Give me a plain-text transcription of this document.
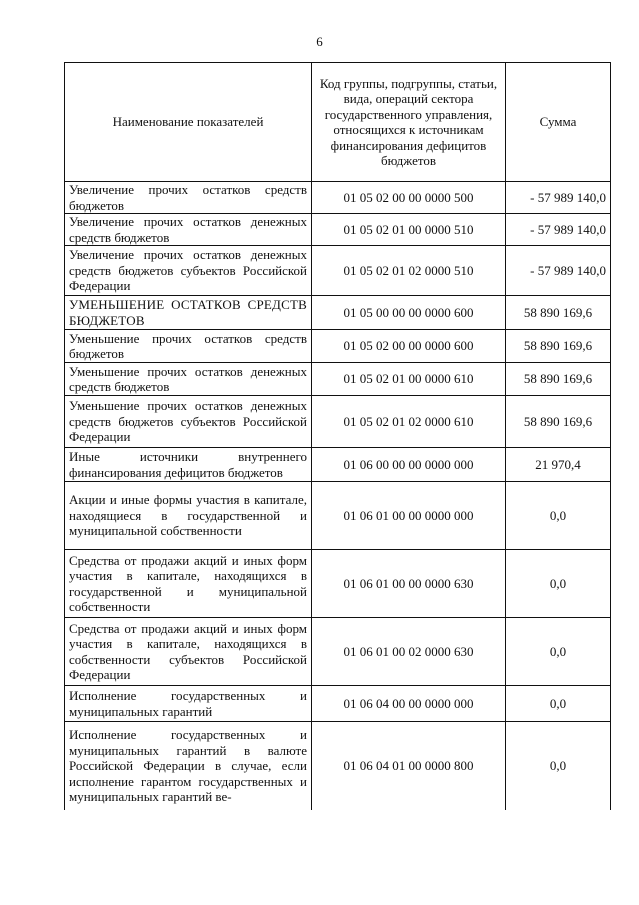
6
Наименование показателей	Код группы, подгруппы, статьи, вида, операций сектора государственного управления, относящихся к источникам финансирования дефицитов бюджетов	Сумма
Увеличение прочих остатков средств бюджетов	01 05 02 00 00 0000 500	- 57 989 140,0
Увеличение прочих остатков денежных средств бюджетов	01 05 02 01 00 0000 510	- 57 989 140,0
Увеличение прочих остатков денежных средств бюджетов субъектов Российской Федерации	01 05 02 01 02 0000 510	- 57 989 140,0
УМЕНЬШЕНИЕ ОСТАТКОВ СРЕДСТВ БЮДЖЕТОВ	01 05 00 00 00 0000 600	58 890 169,6
Уменьшение прочих остатков средств бюджетов	01 05 02 00 00 0000 600	58 890 169,6
Уменьшение прочих остатков денежных средств бюджетов	01 05 02 01 00 0000 610	58 890 169,6
Уменьшение прочих остатков денежных средств бюджетов субъектов Российской Федерации	01 05 02 01 02 0000 610	58 890 169,6
Иные источники внутреннего финансирования дефицитов бюджетов	01 06 00 00 00 0000 000	21 970,4
Акции и иные формы участия в капитале, находящиеся в государственной и муниципальной собственности	01 06 01 00 00 0000 000	0,0
Средства от продажи акций и иных форм участия в капитале, находящихся в государственной и муниципальной собственности	01 06 01 00 00 0000 630	0,0
Средства от продажи акций и иных форм участия в капитале, находящихся в собственности субъектов Российской Федерации	01 06 01 00 02 0000 630	0,0
Исполнение государственных и муниципальных гарантий	01 06 04 00 00 0000 000	0,0
Исполнение государственных и муниципальных гарантий в валюте Российской Федерации в случае, если исполнение гарантом государственных и муниципальных гарантий ве-	01 06 04 01 00 0000 800	0,0
